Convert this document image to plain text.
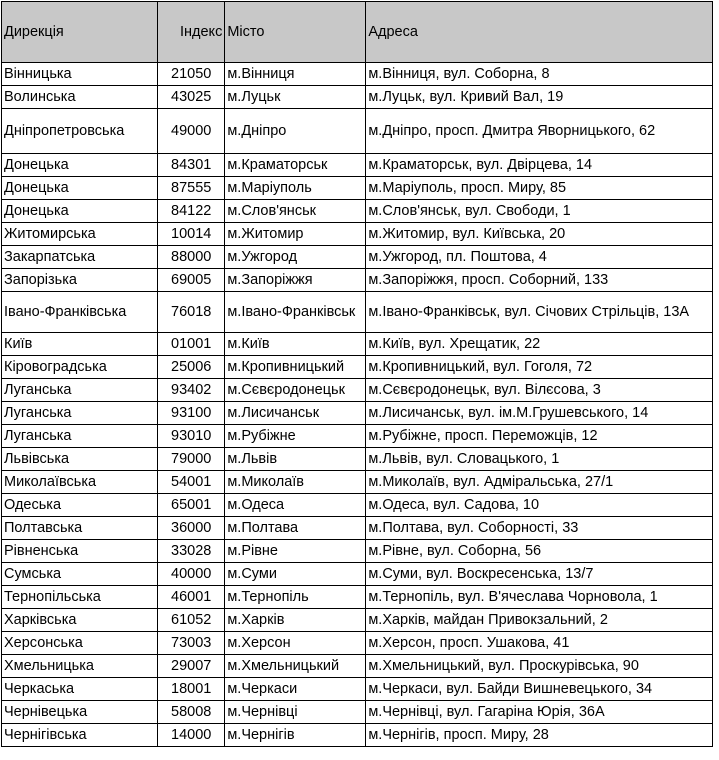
Дирекція	Індекс	Місто	Адреса
Вінницька	21050	м.Вінниця	м.Вінниця, вул. Соборна, 8
Волинська	43025	м.Луцьк	м.Луцьк, вул. Кривий Вал, 19
Дніпропетровська	49000	м.Дніпро	м.Дніпро, просп. Дмитра Яворницького, 62
Донецька	84301	м.Краматорськ	м.Краматорськ, вул. Двірцева, 14
Донецька	87555	м.Маріуполь	м.Маріуполь, просп. Миру, 85
Донецька	84122	м.Слов'янськ	м.Слов'янськ, вул. Свободи, 1
Житомирська	10014	м.Житомир	м.Житомир, вул. Київська, 20
Закарпатська	88000	м.Ужгород	м.Ужгород, пл. Поштова, 4
Запорізька	69005	м.Запоріжжя	м.Запоріжжя, просп. Соборний, 133
Івано-Франківська	76018	м.Івано-Франківськ	м.Івано-Франківськ, вул. Січових Стрільців, 13А
Київ	01001	м.Київ	м.Київ, вул. Хрещатик, 22
Кіровоградська	25006	м.Кропивницький	м.Кропивницький, вул. Гоголя, 72
Луганська	93402	м.Сєвєродонецьк	м.Сєвєродонецьк, вул. Вілєсова, 3
Луганська	93100	м.Лисичанськ	м.Лисичанськ, вул. ім.М.Грушевського, 14
Луганська	93010	м.Рубіжне	м.Рубіжне, просп. Переможців, 12
Львівська	79000	м.Львів	м.Львів, вул. Словацького, 1
Миколаївська	54001	м.Миколаїв	м.Миколаїв, вул. Адміральська, 27/1
Одеська	65001	м.Одеса	м.Одеса, вул. Садова, 10
Полтавська	36000	м.Полтава	м.Полтава, вул. Соборності, 33
Рівненська	33028	м.Рівне	м.Рівне, вул. Соборна, 56
Сумська	40000	м.Суми	м.Суми, вул. Воскресенська, 13/7
Тернопільська	46001	м.Тернопіль	м.Тернопіль, вул. В'ячеслава Чорновола, 1
Харківська	61052	м.Харків	м.Харків, майдан Привокзальний, 2
Херсонська	73003	м.Херсон	м.Херсон, просп. Ушакова, 41
Хмельницька	29007	м.Хмельницький	м.Хмельницький, вул. Проскурівська, 90
Черкаська	18001	м.Черкаси	м.Черкаси, вул. Байди Вишневецького, 34
Чернівецька	58008	м.Чернівці	м.Чернівці, вул. Гагаріна Юрія, 36А
Чернігівська	14000	м.Чернігів	м.Чернігів, просп. Миру, 28
